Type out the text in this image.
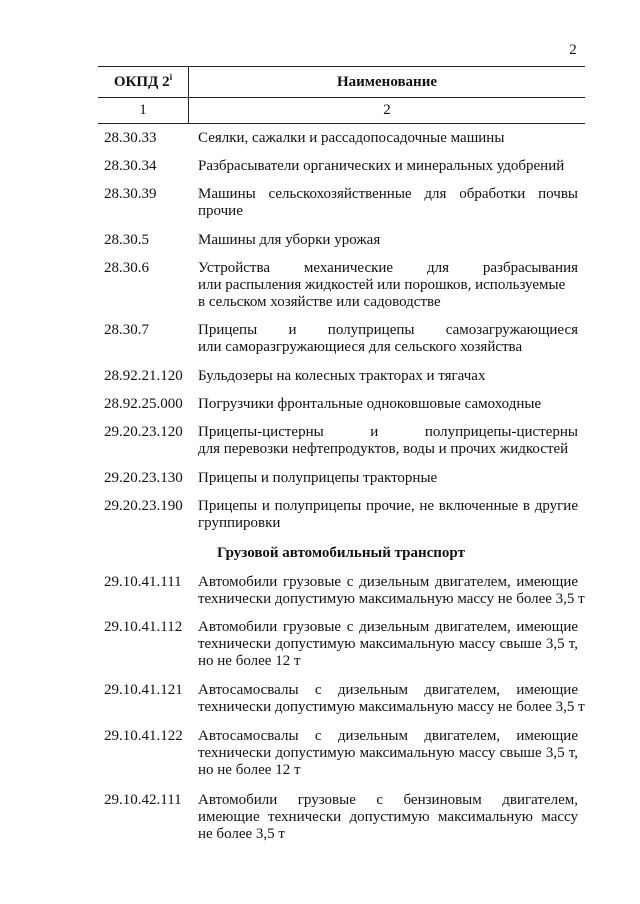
2
ОКПД 2$^i$	Наименование
1	2
28.30.33	Сеялки, сажалки и рассадопосадочные машины
28.30.34	Разбрасыватели органических и минеральных удобрений
28.30.39	Машины сельскохозяйственные для обработки почвы
прочие
28.30.5	Машины для уборки урожая
28.30.6	Устройства механические для разбрасывания
или распыления жидкостей или порошков, используемые
в сельском хозяйстве или садоводстве
28.30.7	Прицепы и полуприцепы самозагружающиеся
или саморазгружающиеся для сельского хозяйства
28.92.21.120	Бульдозеры на колесных тракторах и тягачах
28.92.25.000	Погрузчики фронтальные одноковшовые самоходные
29.20.23.120	Прицепы-цистерны и полуприцепы-цистерны
для перевозки нефтепродуктов, воды и прочих жидкостей
29.20.23.130	Прицепы и полуприцепы тракторные
29.20.23.190	Прицепы и полуприцепы прочие, не включенные в другие
группировки
Грузовой автомобильный транспорт
29.10.41.111	Автомобили грузовые с дизельным двигателем, имеющие
технически допустимую максимальную массу не более 3,5 т
29.10.41.112	Автомобили грузовые с дизельным двигателем, имеющие
технически допустимую максимальную массу свыше 3,5 т,
но не более 12 т
29.10.41.121	Автосамосвалы с дизельным двигателем, имеющие
технически допустимую максимальную массу не более 3,5 т
29.10.41.122	Автосамосвалы с дизельным двигателем, имеющие
технически допустимую максимальную массу свыше 3,5 т,
но не более 12 т
29.10.42.111	Автомобили грузовые с бензиновым двигателем,
имеющие технически допустимую максимальную массу
не более 3,5 т
